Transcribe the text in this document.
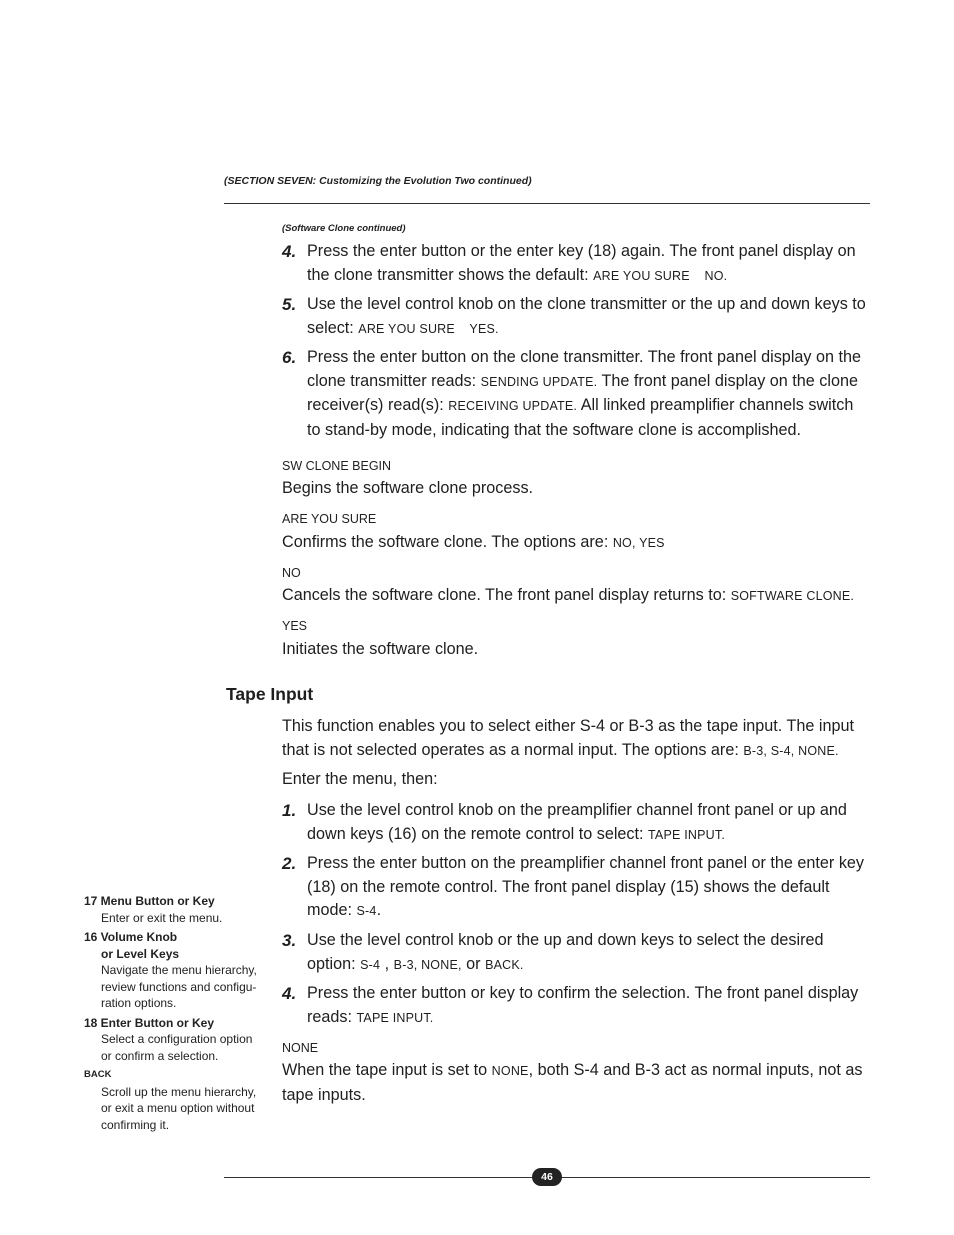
(SECTION SEVEN: Customizing the Evolution Two continued)
(Software Clone continued)
4. Press the enter button or the enter key (18) again. The front panel display on the clone transmitter shows the default: ARE YOU SURE    NO.
5. Use the level control knob on the clone transmitter or the up and down keys to select: ARE YOU SURE    YES.
6. Press the enter button on the clone transmitter. The front panel display on the clone transmitter reads: SENDING UPDATE. The front panel display on the clone receiver(s) read(s): RECEIVING UPDATE. All linked preamplifier channels switch to stand-by mode, indicating that the software clone is accomplished.
SW CLONE BEGIN
Begins the software clone process.
ARE YOU SURE
Confirms the software clone. The options are: NO, YES
NO
Cancels the software clone. The front panel display returns to: SOFTWARE CLONE.
YES
Initiates the software clone.
Tape Input
This function enables you to select either S-4 or B-3 as the tape input. The input that is not selected operates as a normal input. The options are: B-3, S-4, NONE.
Enter the menu, then:
1. Use the level control knob on the preamplifier channel front panel or up and down keys (16) on the remote control to select: TAPE INPUT.
2. Press the enter button on the preamplifier channel front panel or the enter key (18) on the remote control. The front panel display (15) shows the default mode: S-4.
3. Use the level control knob or the up and down keys to select the desired option: S-4 , B-3, NONE, or BACK.
4. Press the enter button or key to confirm the selection. The front panel display reads: TAPE INPUT.
NONE
When the tape input is set to NONE, both S-4 and B-3 act as normal inputs, not as tape inputs.
17 Menu Button or Key
Enter or exit the menu.
16 Volume Knob
or Level Keys
Navigate the menu hierarchy, review functions and configu-ration options.
18 Enter Button or Key
Select a configuration option or confirm a selection.
BACK
Scroll up the menu hierarchy, or exit a menu option without confirming it.
46
